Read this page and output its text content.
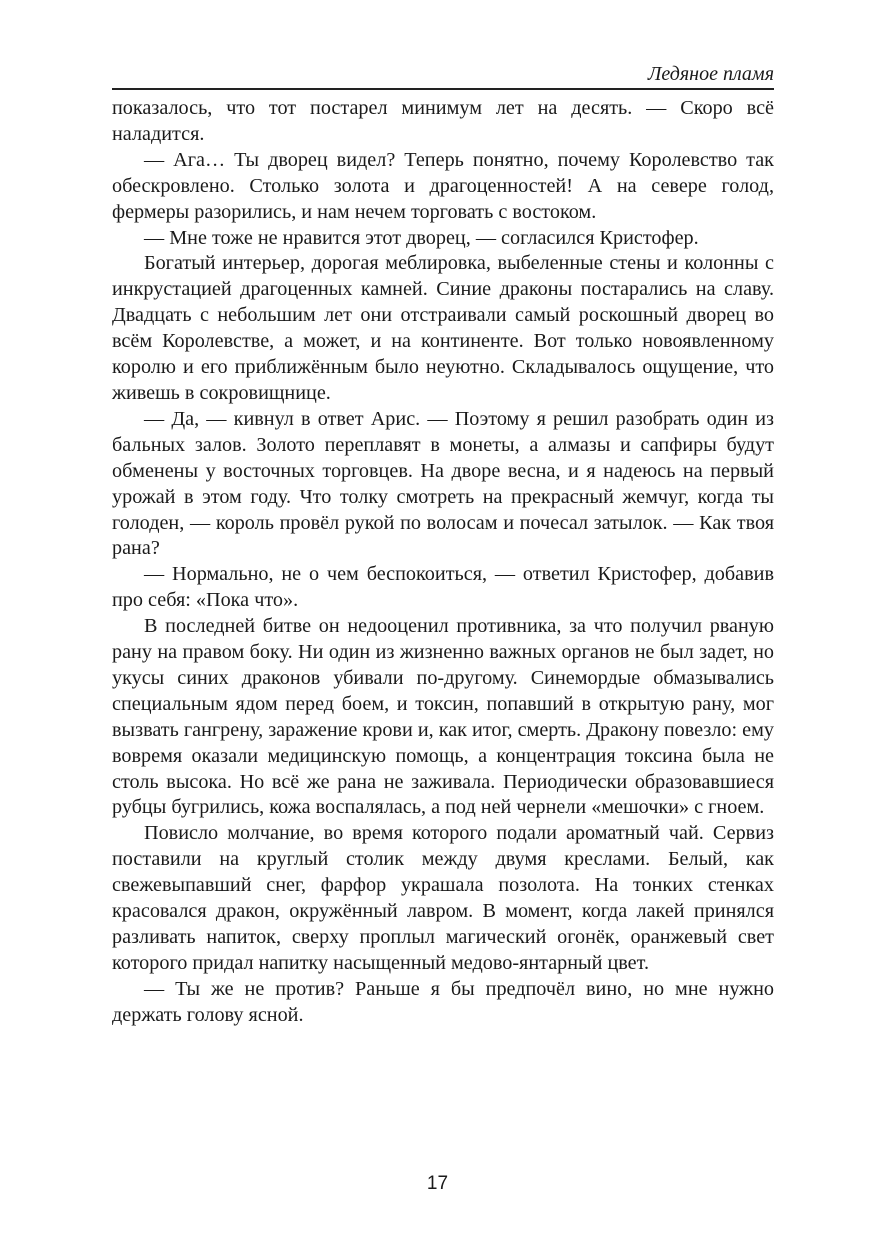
Ледяное пламя

показалось, что тот постарел минимум лет на десять. — Скоро всё наладится.

— Ага… Ты дворец видел? Теперь понятно, почему Королевство так обескровлено. Столько золота и драгоценностей! А на севере голод, фермеры разорились, и нам нечем торговать с востоком.

— Мне тоже не нравится этот дворец, — согласился Кристофер.

Богатый интерьер, дорогая меблировка, выбеленные стены и колонны с инкрустацией драгоценных камней. Синие драконы постарались на славу. Двадцать с небольшим лет они отстраивали самый роскошный дворец во всём Королевстве, а может, и на континенте. Вот только новоявленному королю и его приближённым было неуютно. Складывалось ощущение, что живешь в сокровищнице.

— Да, — кивнул в ответ Арис. — Поэтому я решил разобрать один из бальных залов. Золото переплавят в монеты, а алмазы и сапфиры будут обменены у восточных торговцев. На дворе весна, и я надеюсь на первый урожай в этом году. Что толку смотреть на прекрасный жемчуг, когда ты голоден, — король провёл рукой по волосам и почесал затылок. — Как твоя рана?

— Нормально, не о чем беспокоиться, — ответил Кристофер, добавив про себя: «Пока что».

В последней битве он недооценил противника, за что получил рваную рану на правом боку. Ни один из жизненно важных органов не был задет, но укусы синих драконов убивали по-другому. Синемордые обмазывались специальным ядом перед боем, и токсин, попавший в открытую рану, мог вызвать гангрену, заражение крови и, как итог, смерть. Дракону повезло: ему вовремя оказали медицинскую помощь, а концентрация токсина была не столь высока. Но всё же рана не заживала. Периодически образовавшиеся рубцы бугрились, кожа воспалялась, а под ней чернели «мешочки» с гноем.

Повисло молчание, во время которого подали ароматный чай. Сервиз поставили на круглый столик между двумя креслами. Белый, как свежевыпавший снег, фарфор украшала позолота. На тонких стенках красовался дракон, окружённый лавром. В момент, когда лакей принялся разливать напиток, сверху проплыл магический огонёк, оранжевый свет которого придал напитку насыщенный медово-янтарный цвет.

— Ты же не против? Раньше я бы предпочёл вино, но мне нужно держать голову ясной.

17
